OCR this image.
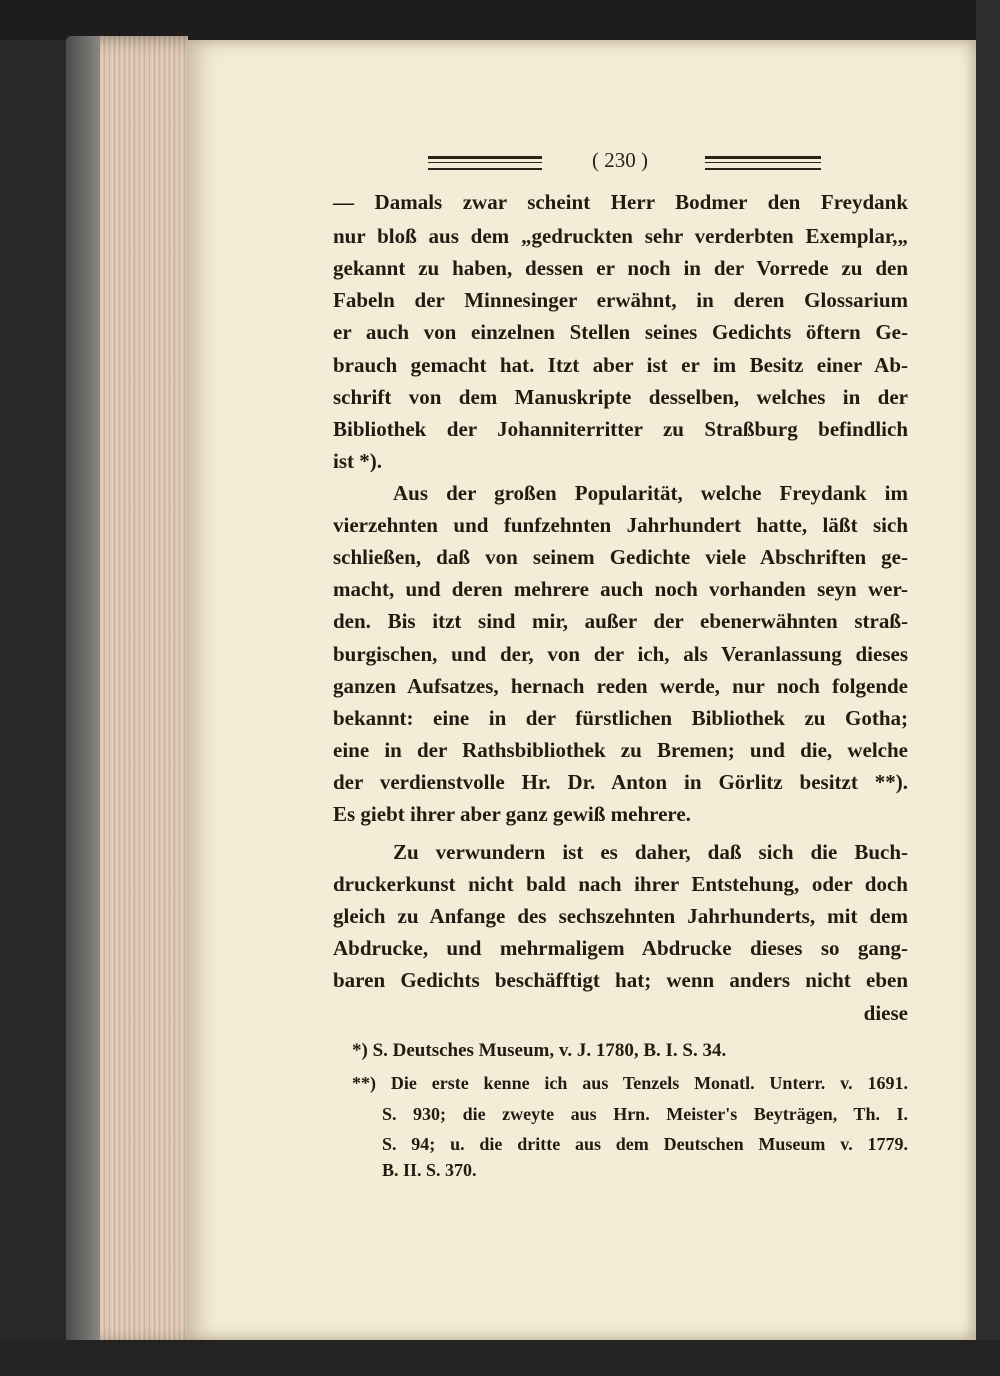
( 230 )
— Damals zwar scheint Herr Bodmer den Freydank
nur bloß aus dem „gedruckten sehr verderbten Exemplar,„
gekannt zu haben, dessen er noch in der Vorrede zu den
Fabeln der Minnesinger erwähnt, in deren Glossarium
er auch von einzelnen Stellen seines Gedichts öftern Ge-
brauch gemacht hat. Itzt aber ist er im Besitz einer Ab-
schrift von dem Manuskripte desselben, welches in der
Bibliothek der Johanniterritter zu Straßburg befindlich
ist *).
Aus der großen Popularität, welche Freydank im
vierzehnten und funfzehnten Jahrhundert hatte, läßt sich
schließen, daß von seinem Gedichte viele Abschriften ge-
macht, und deren mehrere auch noch vorhanden seyn wer-
den. Bis itzt sind mir, außer der ebenerwähnten straß-
burgischen, und der, von der ich, als Veranlassung dieses
ganzen Aufsatzes, hernach reden werde, nur noch folgende
bekannt: eine in der fürstlichen Bibliothek zu Gotha;
eine in der Rathsbibliothek zu Bremen; und die, welche
der verdienstvolle Hr. Dr. Anton in Görlitz besitzt **).
Es giebt ihrer aber ganz gewiß mehrere.
Zu verwundern ist es daher, daß sich die Buch-
druckerkunst nicht bald nach ihrer Entstehung, oder doch
gleich zu Anfange des sechszehnten Jahrhunderts, mit dem
Abdrucke, und mehrmaligem Abdrucke dieses so gang-
baren Gedichts beschäfftigt hat; wenn anders nicht eben
diese
*) S. Deutsches Museum, v. J. 1780, B. I. S. 34.
**) Die erste kenne ich aus Tenzels Monatl. Unterr. v. 1691.
S. 930; die zweyte aus Hrn. Meister's Beyträgen, Th. I.
S. 94; u. die dritte aus dem Deutschen Museum v. 1779.
B. II. S. 370.
